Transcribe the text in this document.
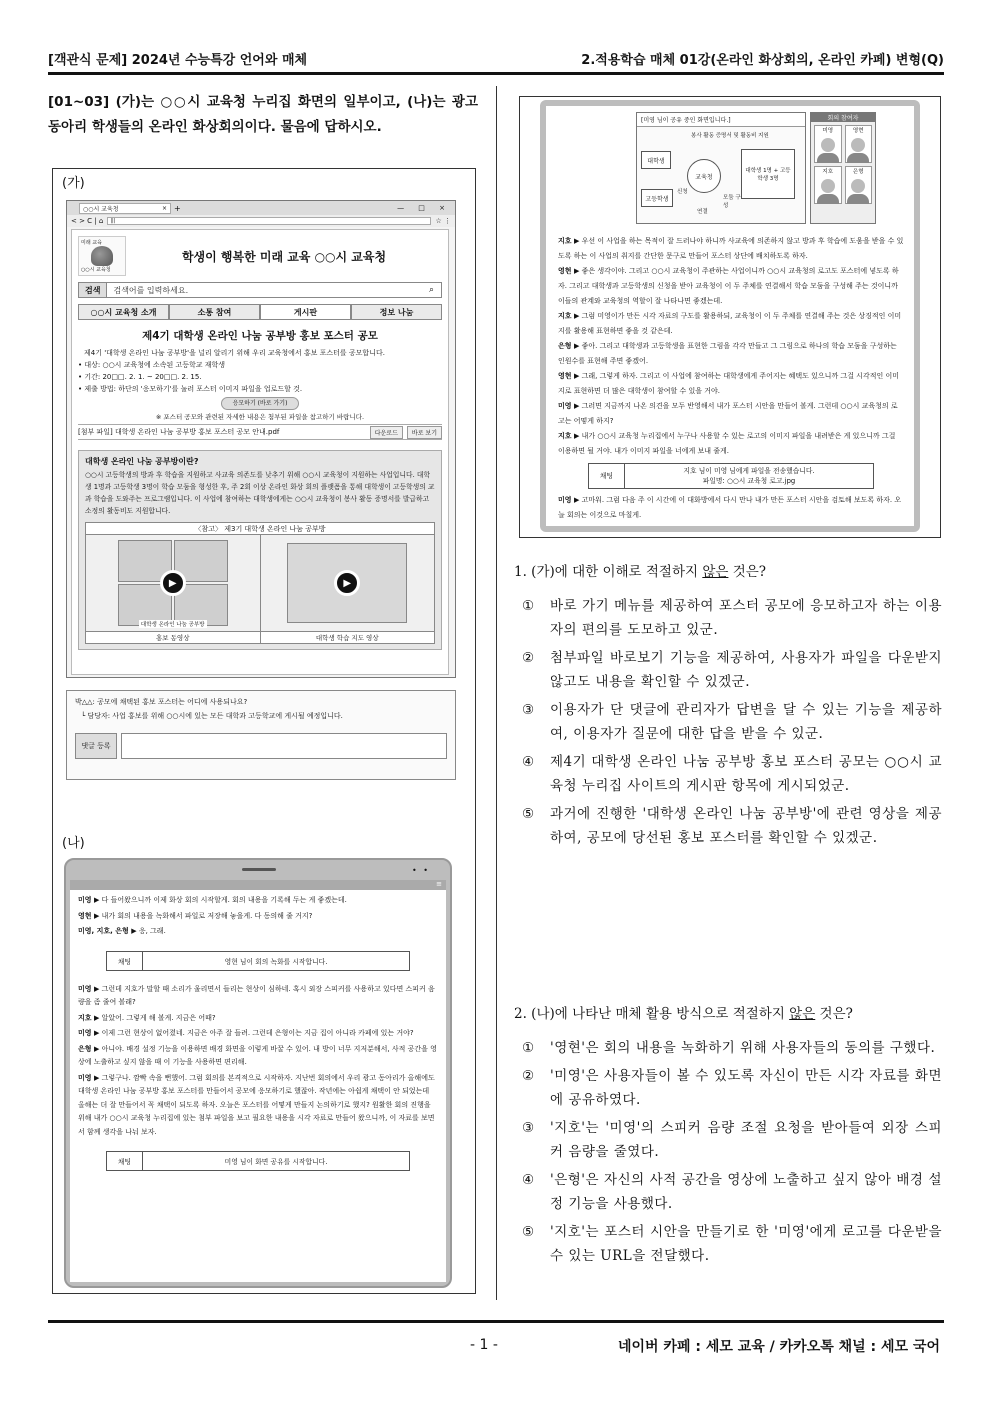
[객관식 문제] 2024년 수능특강 언어와 매체	2.적용학습 매체 01강(온라인 화상회의, 온라인 카페) 변형(Q)
[01~03] (가)는 ○○시 교육청 누리집 화면의 일부이고, (나)는 광고 동아리 학생들의 온라인 화상회의이다. 물음에 답하시오.
(가)
○○시 교육청	× +	— □ ×
< > C | ⌂	|||	☆ ⋮
미래 교육
○○시 교육청
학생이 행복한 미래 교육 ○○시 교육청
검색	검색어를 입력하세요.	⌕
○○시 교육청 소개	소통 참여	게시판	정보 나눔
제4기 대학생 온라인 나눔 공부방 홍보 포스터 공모
제4기 '대학생 온라인 나눔 공부방'을 널리 알리기 위해 우리 교육청에서 홍보 포스터를 공모합니다.
• 대상: ○○시 교육청에 소속된 고등학교 재학생
• 기간: 20□□. 2. 1. ~ 20□□. 2. 15.
• 제출 방법: 하단의 '응모하기'를 눌러 포스터 이미지 파일을 업로드할 것.
응모하기 (바로 가기)
※ 포스터 공모와 관련된 자세한 내용은 첨부된 파일을 참고하기 바랍니다.
[첨부 파일] 대학생 온라인 나눔 공부방 홍보 포스터 공모 안내.pdf	다운로드	바로 보기
대학생 온라인 나눔 공부방이란?
○○시 고등학생의 방과 후 학습을 지원하고 사교육 의존도를 낮추기 위해 ○○시 교육청이 지원하는 사업입니다. 대학생 1명과 고등학생 3명이 학습 모둠을 형성한 후, 주 2회 이상 온라인 화상 회의 플랫폼을 통해 대학생이 고등학생의 교과 학습을 도와주는 프로그램입니다. 이 사업에 참여하는 대학생에게는 ○○시 교육청이 봉사 활동 증명서를 발급하고 소정의 활동비도 지원합니다.
〈참고〉 제3기 대학생 온라인 나눔 공부방
▶
대학생 온라인 나눔 공부방
▶
홍보 동영상	대학생 학습 지도 영상
박△△: 공모에 채택된 홍보 포스터는 어디에 사용되나요?
└ 담당자: 사업 홍보를 위해 ○○시에 있는 모든 대학과 고등학교에 게시될 예정입니다.
댓글 등록
(나)
• •
≡

미영 ▶ 다 들어왔으니까 이제 화상 회의 시작할게. 회의 내용을 기록해 두는 게 좋겠는데.

영현 ▶ 내가 회의 내용을 녹화해서 파일로 저장해 놓을게. 다 동의해 줄 거지?

미영, 지호, 은형 ▶ 응, 그래.

채팅	영현 님이 회의 녹화를 시작합니다.

미영 ▶ 그런데 지호가 말할 때 소리가 울리면서 들리는 현상이 심하네. 혹시 외장 스피커를 사용하고 있다면 스피커 음량을 좀 줄여 볼래?

지호 ▶ 알았어. 그렇게 해 볼게. 지금은 어때?

미영 ▶ 이제 그런 현상이 없어졌네. 지금은 아주 잘 들려. 그런데 은형이는 지금 집이 아니라 카페에 있는 거야?

은형 ▶ 아니야. 배경 설정 기능을 이용하면 배경 화면을 이렇게 바꿀 수 있어. 내 방이 너무 지저분해서, 사적 공간을 영상에 노출하고 싶지 않을 때 이 기능을 사용하면 편리해.

미영 ▶ 그렇구나. 깜빡 속을 뻔했어. 그럼 회의를 본격적으로 시작하자. 지난번 회의에서 우리 광고 동아리가 올해에도 대학생 온라인 나눔 공부방 홍보 포스터를 만들어서 공모에 응모하기로 했잖아. 작년에는 아쉽게 채택이 안 되었는데 올해는 더 잘 만들어서 꼭 채택이 되도록 하자. 오늘은 포스터를 어떻게 만들지 논의하기로 했지? 원활한 회의 진행을 위해 내가 ○○시 교육청 누리집에 있는 첨부 파일을 보고 필요한 내용을 시각 자료로 만들어 왔으니까, 이 자료를 보면서 함께 생각을 나눠 보자.

채팅	미영 님이 화면 공유를 시작합니다.
[미영 님이 공유 중인 화면입니다.]
봉사 활동 증명서 및 활동비 지원
대학생
고등학생
교육청
대학생 1명 + 고등학생 3명
신청
연결
모둠 구성
회의 참여자
미영	영현
지호	은형

지호 ▶ 우선 이 사업을 하는 목적이 잘 드러나야 하니까 사교육에 의존하지 않고 방과 후 학습에 도움을 받을 수 있도록 하는 이 사업의 취지를 간단한 문구로 만들어 포스터 상단에 배치하도록 하자.

영현 ▶ 좋은 생각이야. 그리고 ○○시 교육청이 주관하는 사업이니까 ○○시 교육청의 로고도 포스터에 넣도록 하자. 그리고 대학생과 고등학생의 신청을 받아 교육청이 이 두 주체를 연결해서 학습 모둠을 구성해 주는 것이니까 이들의 관계와 교육청의 역할이 잘 나타나면 좋겠는데.

지호 ▶ 그럼 미영이가 만든 시각 자료의 구도를 활용하되, 교육청이 이 두 주체를 연결해 주는 것은 상징적인 이미지를 활용해 표현하면 좋을 것 같은데.

은형 ▶ 좋아. 그리고 대학생과 고등학생을 표현한 그림을 각각 만들고 그 그림으로 하나의 학습 모둠을 구성하는 인원수를 표현해 주면 좋겠어.

영현 ▶ 그래, 그렇게 하자. 그리고 이 사업에 참여하는 대학생에게 주어지는 혜택도 있으니까 그걸 시각적인 이미지로 표현하면 더 많은 대학생이 참여할 수 있을 거야.

미영 ▶ 그러면 지금까지 나온 의견을 모두 반영해서 내가 포스터 시안을 만들어 볼게. 그런데 ○○시 교육청의 로고는 어떻게 하지?

지호 ▶ 내가 ○○시 교육청 누리집에서 누구나 사용할 수 있는 로고의 이미지 파일을 내려받은 게 있으니까 그걸 이용하면 될 거야. 내가 이미지 파일을 너에게 보내 줄게.

채팅
지호 님이 미영 님에게 파일을 전송했습니다.
파일명: ○○시 교육청 로고.jpg

미영 ▶ 고마워. 그럼 다음 주 이 시간에 이 대화방에서 다시 만나 내가 만든 포스터 시안을 검토해 보도록 하자. 오늘 회의는 이것으로 마칠게.

1. (가)에 대한 이해로 적절하지 않은 것은?
①	바로 가기 메뉴를 제공하여 포스터 공모에 응모하고자 하는 이용자의 편의를 도모하고 있군.
②	첨부파일 바로보기 기능을 제공하여, 사용자가 파일을 다운받지 않고도 내용을 확인할 수 있겠군.
③	이용자가 단 댓글에 관리자가 답변을 달 수 있는 기능을 제공하여, 이용자가 질문에 대한 답을 받을 수 있군.
④	제4기 대학생 온라인 나눔 공부방 홍보 포스터 공모는 ○○시 교육청 누리집 사이트의 게시판 항목에 게시되었군.
⑤	과거에 진행한 '대학생 온라인 나눔 공부방'에 관련 영상을 제공하여, 공모에 당선된 홍보 포스터를 확인할 수 있겠군.
2. (나)에 나타난 매체 활용 방식으로 적절하지 않은 것은?
①	'영현'은 회의 내용을 녹화하기 위해 사용자들의 동의를 구했다.
②	'미영'은 사용자들이 볼 수 있도록 자신이 만든 시각 자료를 화면에 공유하였다.
③	'지호'는 '미영'의 스피커 음량 조절 요청을 받아들여 외장 스피커 음량을 줄였다.
④	'은형'은 자신의 사적 공간을 영상에 노출하고 싶지 않아 배경 설정 기능을 사용했다.
⑤	'지호'는 포스터 시안을 만들기로 한 '미영'에게 로고를 다운받을 수 있는 URL을 전달했다.
- 1 -	네이버 카페 : 세모 교육 / 카카오톡 채널 : 세모 국어
